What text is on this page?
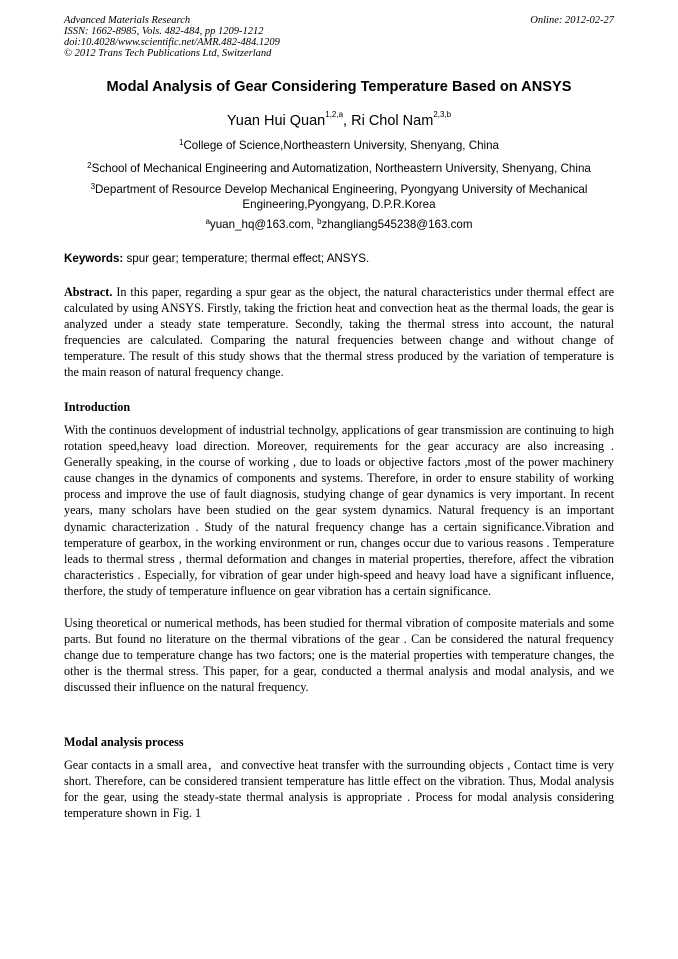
Advanced Materials Research
ISSN: 1662-8985, Vols. 482-484, pp 1209-1212
doi:10.4028/www.scientific.net/AMR.482-484.1209
© 2012 Trans Tech Publications Ltd, Switzerland
Online: 2012-02-27
Modal Analysis of Gear Considering Temperature Based on ANSYS
Yuan Hui Quan$^{1,2,a}$, Ri Chol Nam$^{2,3,b}$
$^1$College of Science,Northeastern University, Shenyang, China
$^2$School of Mechanical Engineering and Automatization, Northeastern University, Shenyang, China
$^3$Department of Resource Develop Mechanical Engineering, Pyongyang University of Mechanical
Engineering,Pyongyang, D.P.R.Korea
$^a$yuan_hq@163.com, $^b$zhangliang545238@163.com
Keywords: spur gear; temperature; thermal effect; ANSYS.

Abstract. In this paper, regarding a spur gear as the object, the natural characteristics under thermal effect are calculated by using ANSYS. Firstly, taking the friction heat and convection heat as the thermal loads, the gear is analyzed under a steady state temperature. Secondly, taking the thermal stress into account, the natural frequencies are calculated. Comparing the natural frequencies between change and without change of temperature. The result of this study shows that the thermal stress produced by the variation of temperature is the main reason of natural frequency change.

Introduction

With the continuos development of industrial technolgy, applications of gear transmission are continuing to high rotation speed,heavy load direction. Moreover, requirements for the gear accuracy are also increasing . Generally speaking, in the course of working , due to loads or objective factors ,most of the power machinery cause changes in the dynamics of components and systems. Therefore, in order to ensure stability of working process and improve the use of fault diagnosis, studying change of gear dynamics is very important. In recent years, many scholars have been studied on the gear system dynamics. Natural frequency is an important dynamic characterization . Study of the natural frequency change has a certain significance.Vibration and temperature of gearbox, in the working environment or run, changes occur due to various reasons . Temperature leads to thermal stress , thermal deformation and changes in material properties, therefore, affect the vibration characteristics . Especially, for vibration of gear under high-speed and heavy load have a significant influence, therfore, the study of temperature influence on gear vibration has a certain significance.

Using theoretical or numerical methods, has been studied for thermal vibration of composite materials and some parts. But found no literature on the thermal vibrations of the gear . Can be considered the natural frequency change due to temperature change has two factors; one is the material properties with temperature changes, the other is the thermal stress. This paper, for a gear, conducted a thermal analysis and modal analysis, and we discussed their influence on the natural frequency.

Modal analysis process

Gear contacts in a small area，and convective heat transfer with the surrounding objects , Contact time is very short. Therefore, can be considered transient temperature has little effect on the vibration. Thus, Modal analysis for the gear, using the steady-state thermal analysis is appropriate . Process for modal analysis considering temperature shown in Fig. 1
